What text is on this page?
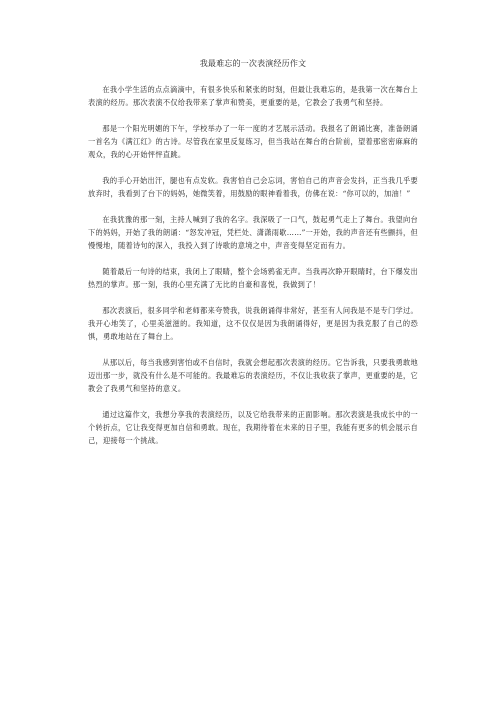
我最难忘的一次表演经历作文

在我小学生活的点点滴滴中，有很多快乐和紧张的时刻，但最让我难忘的，是我第一次在舞台上表演的经历。那次表演不仅给我带来了掌声和赞美，更重要的是，它教会了我勇气和坚持。

那是一个阳光明媚的下午，学校举办了一年一度的才艺展示活动。我报名了朗诵比赛，准备朗诵一首名为《满江红》的古诗。尽管我在家里反复练习，但当我站在舞台的台阶前，望着那密密麻麻的观众，我的心开始怦怦直跳。

我的手心开始出汗，腿也有点发软。我害怕自己会忘词，害怕自己的声音会发抖，正当我几乎要放弃时，我看到了台下的妈妈，她微笑着，用鼓励的眼神看着我，仿佛在说：“你可以的，加油！”

在我犹豫的那一刻，主持人喊到了我的名字。我深吸了一口气，鼓起勇气走上了舞台。我望向台下的妈妈，开始了我的朗诵：“怒发冲冠，凭栏处、潇潇雨歇……”一开始，我的声音还有些颤抖，但慢慢地，随着诗句的深入，我投入到了诗歌的意境之中，声音变得坚定而有力。

随着最后一句诗的结束，我闭上了眼睛，整个会场鸦雀无声。当我再次睁开眼睛时，台下爆发出热烈的掌声。那一刻，我的心里充满了无比的自豪和喜悦，我做到了！

那次表演后，很多同学和老师都来夸赞我，说我朗诵得非常好，甚至有人问我是不是专门学过。我开心地笑了，心里美滋滋的。我知道，这不仅仅是因为我朗诵得好，更是因为我克服了自己的恐惧，勇敢地站在了舞台上。

从那以后，每当我感到害怕或不自信时，我就会想起那次表演的经历。它告诉我，只要我勇敢地迈出那一步，就没有什么是不可能的。我最难忘的表演经历，不仅让我收获了掌声，更重要的是，它教会了我勇气和坚持的意义。

通过这篇作文，我想分享我的表演经历，以及它给我带来的正面影响。那次表演是我成长中的一个转折点，它让我变得更加自信和勇敢。现在，我期待着在未来的日子里，我能有更多的机会展示自己，迎接每一个挑战。
